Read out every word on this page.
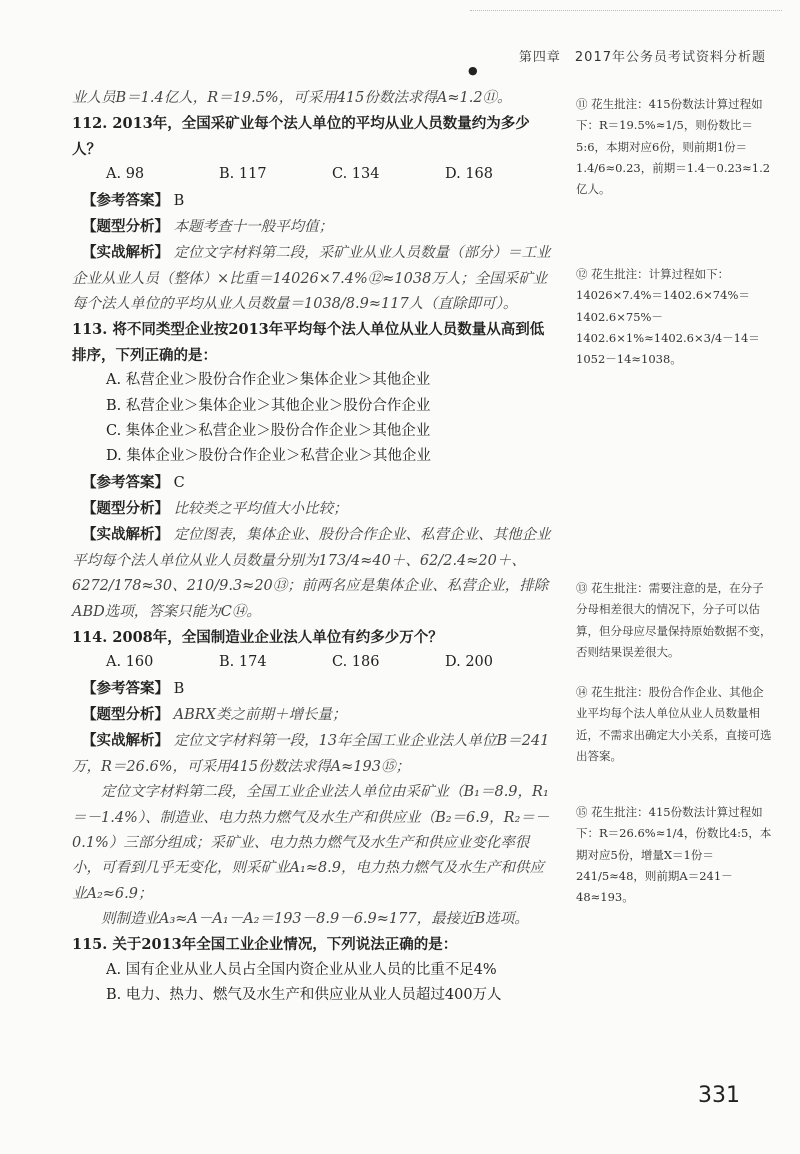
第四章　2017年公务员考试资料分析题
●

业人员B＝1.4亿人，R＝19.5%，可采用415份数法求得A≈1.2⑪。

112. 2013年，全国采矿业每个法人单位的平均从业人员数量约为多少人？

A. 98	B. 117	C. 134	D. 168

【参考答案】 B

【题型分析】 本题考查十一般平均值；

【实战解析】 定位文字材料第二段，采矿业从业人员数量（部分）＝工业企业从业人员（整体）×比重＝14026×7.4%⑫≈1038万人；全国采矿业每个法人单位的平均从业人员数量＝1038/8.9≈117人（直除即可）。

113. 将不同类型企业按2013年平均每个法人单位从业人员数量从高到低排序，下列正确的是：

A. 私营企业＞股份合作企业＞集体企业＞其他企业

B. 私营企业＞集体企业＞其他企业＞股份合作企业

C. 集体企业＞私营企业＞股份合作企业＞其他企业

D. 集体企业＞股份合作企业＞私营企业＞其他企业

【参考答案】 C

【题型分析】 比较类之平均值大小比较；

【实战解析】 定位图表，集体企业、股份合作企业、私营企业、其他企业平均每个法人单位从业人员数量分别为173/4≈40＋、62/2.4≈20＋、6272/178≈30、210/9.3≈20⑬；前两名应是集体企业、私营企业，排除ABD选项，答案只能为C⑭。

114. 2008年，全国制造业企业法人单位有约多少万个？

A. 160	B. 174	C. 186	D. 200

【参考答案】 B

【题型分析】 ABRX类之前期＋增长量；

【实战解析】 定位文字材料第一段，13年全国工业企业法人单位B＝241万，R＝26.6%，可采用415份数法求得A≈193⑮；

定位文字材料第二段，全国工业企业法人单位由采矿业（B₁＝8.9，R₁＝－1.4%）、制造业、电力热力燃气及水生产和供应业（B₂＝6.9，R₂＝－0.1%）三部分组成；采矿业、电力热力燃气及水生产和供应业变化率很小，可看到几乎无变化，则采矿业A₁≈8.9，电力热力燃气及水生产和供应业A₂≈6.9；

则制造业A₃≈A－A₁－A₂＝193－8.9－6.9≈177，最接近B选项。

115. 关于2013年全国工业企业情况，下列说法正确的是：

A. 国有企业从业人员占全国内资企业从业人员的比重不足4%

B. 电力、热力、燃气及水生产和供应业从业人员超过400万人

⑪ 花生批注：415份数法计算过程如下：R＝19.5%≈1/5，则份数比＝5:6，本期对应6份，则前期1份＝1.4/6≈0.23，前期＝1.4－0.23≈1.2亿人。
⑫ 花生批注：计算过程如下：14026×7.4%＝1402.6×74%＝1402.6×75%－1402.6×1%≈1402.6×3/4－14＝1052－14≈1038。
⑬ 花生批注：需要注意的是，在分子分母相差很大的情况下，分子可以估算，但分母应尽量保持原始数据不变，否则结果误差很大。
⑭ 花生批注：股份合作企业、其他企业平均每个法人单位从业人员数量相近，不需求出确定大小关系，直接可选出答案。
⑮ 花生批注：415份数法计算过程如下：R＝26.6%≈1/4，份数比4:5，本期对应5份，增量X＝1份＝241/5≈48，则前期A＝241－48≈193。
331
